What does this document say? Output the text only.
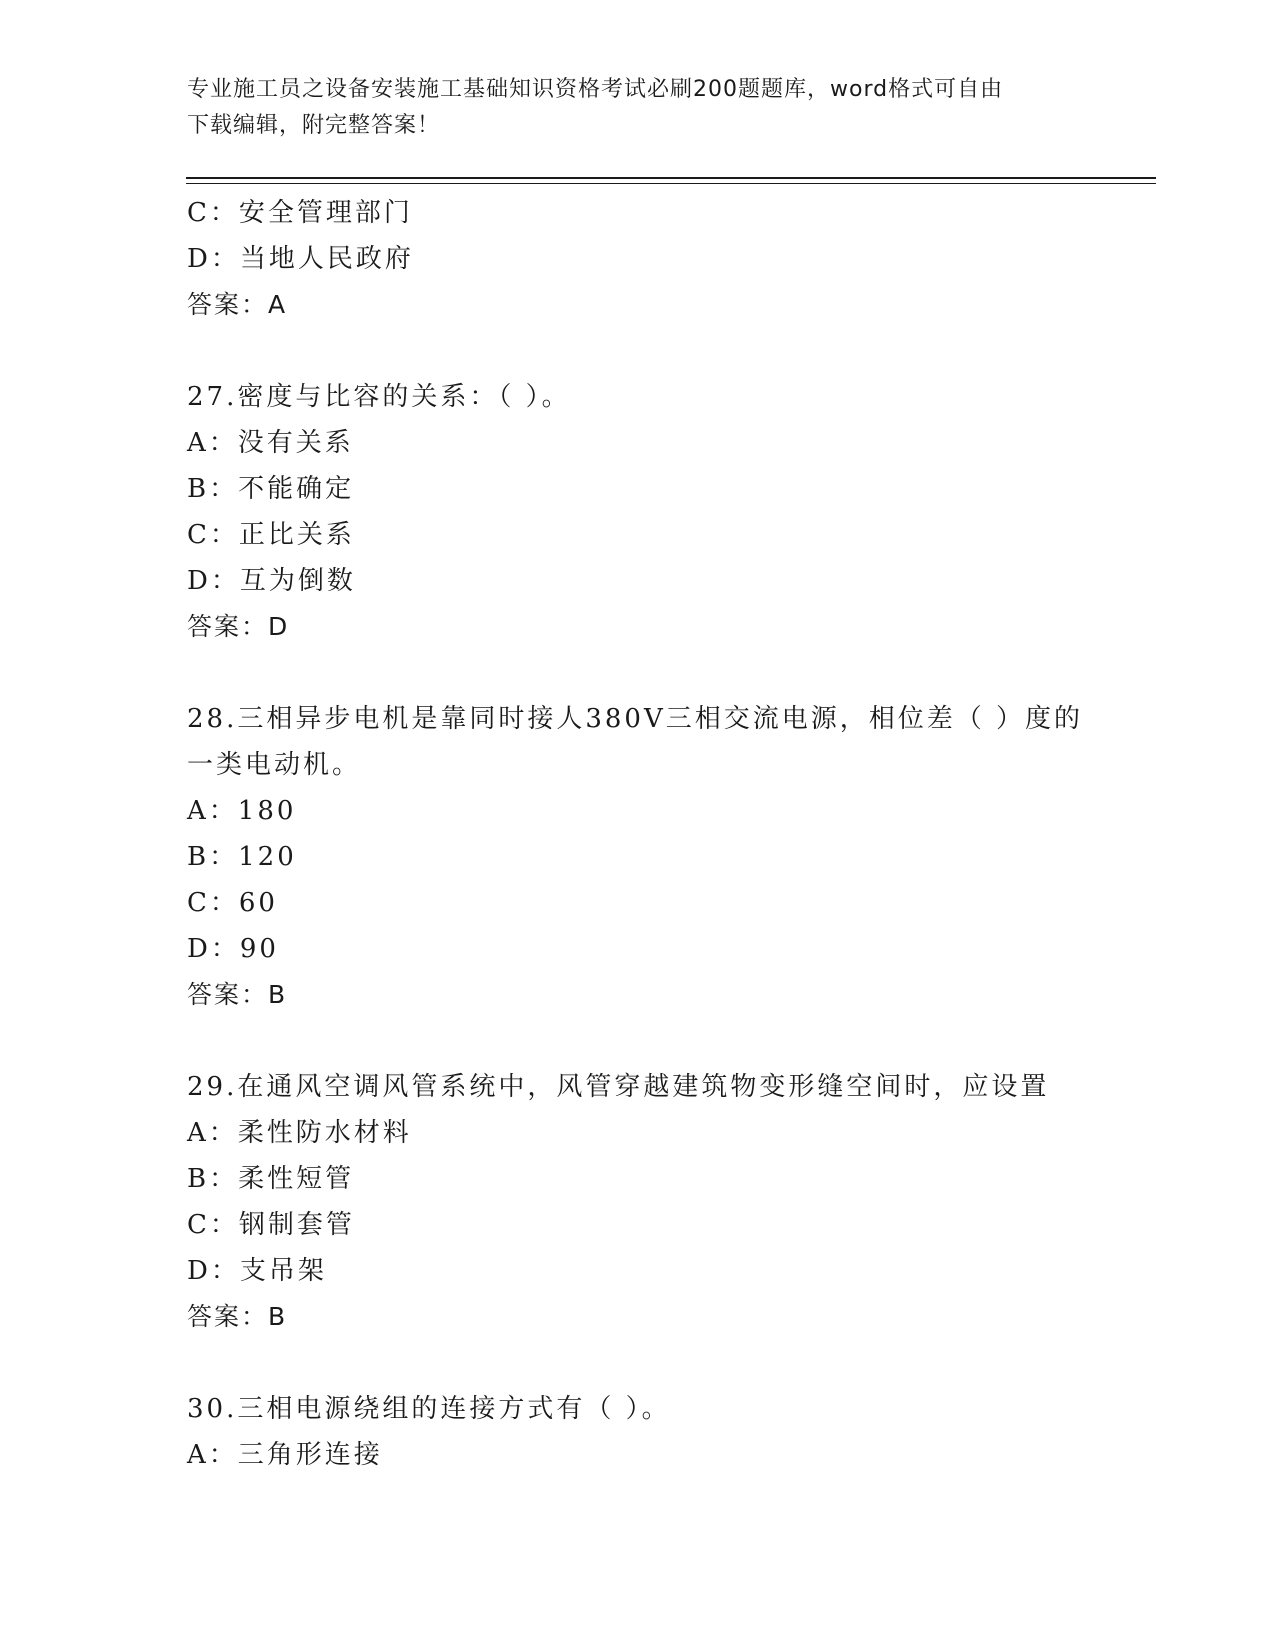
专业施工员之设备安装施工基础知识资格考试必刷200题题库，word格式可自由
下载编辑，附完整答案！
C：安全管理部门
D：当地人民政府
答案：A
27.密度与比容的关系：（ ）。
A：没有关系
B：不能确定
C：正比关系
D：互为倒数
答案：D
28.三相异步电机是靠同时接人380V三相交流电源，相位差（ ）度的
一类电动机。
A：180
B：120
C：60
D：90
答案：B
29.在通风空调风管系统中，风管穿越建筑物变形缝空间时，应设置
A：柔性防水材料
B：柔性短管
C：钢制套管
D：支吊架
答案：B
30.三相电源绕组的连接方式有（ ）。
A：三角形连接
